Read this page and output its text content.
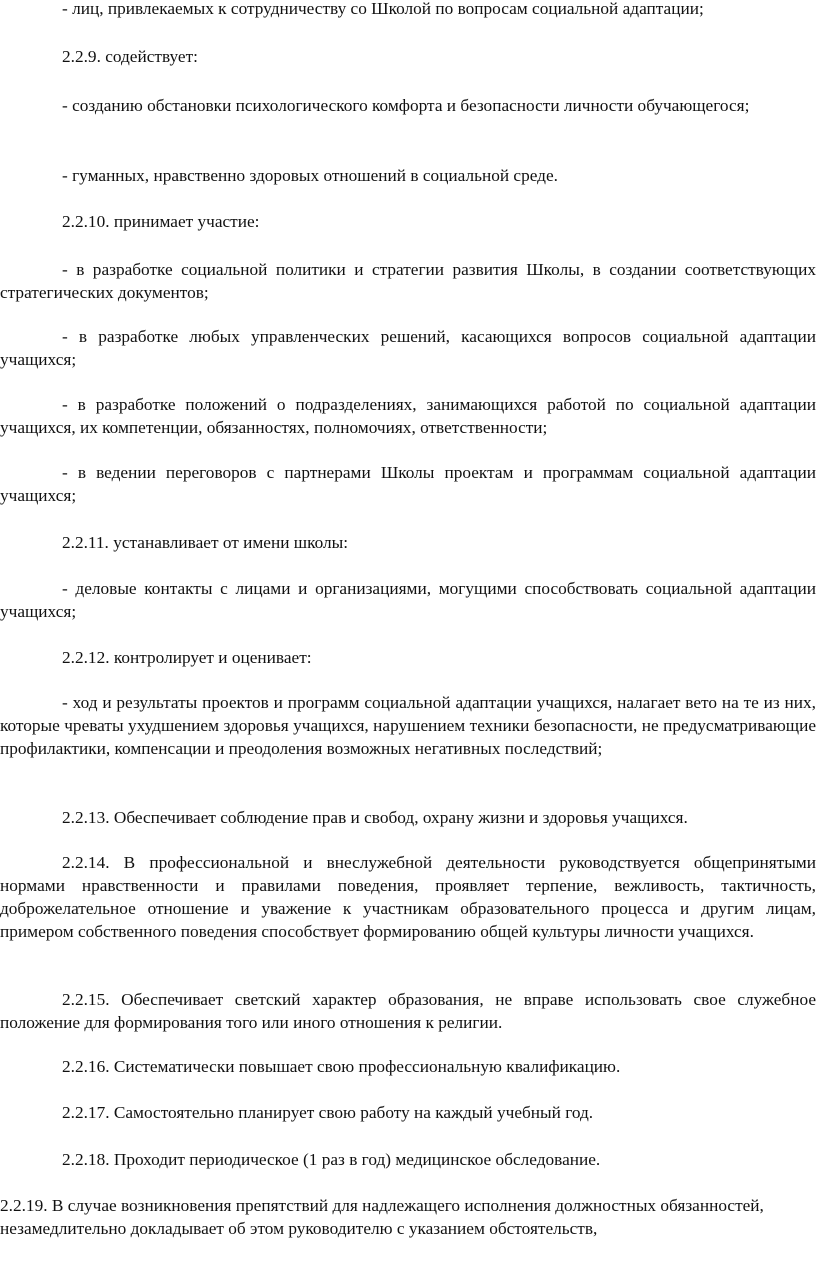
- лиц, привлекаемых к сотрудничеству со Школой по вопросам социальной адаптации;

2.2.9. содействует:

- созданию обстановки психологического комфорта и безопасности личности обучающегося;

- гуманных, нравственно здоровых отношений в социальной среде.

2.2.10. принимает участие:

- в разработке социальной политики и стратегии развития Школы, в создании соответствующих стратегических документов;

- в разработке любых управленческих решений, касающихся вопросов социальной адаптации учащихся;

- в разработке положений о подразделениях, занимающихся работой по социальной адаптации учащихся, их компетенции, обязанностях, полномочиях, ответственности;

- в ведении переговоров с партнерами Школы проектам и программам социальной адаптации учащихся;

2.2.11. устанавливает от имени школы:

- деловые контакты с лицами и организациями, могущими способствовать социальной адаптации учащихся;

2.2.12. контролирует и оценивает:

- ход и результаты проектов и программ социальной адаптации учащихся, налагает вето на те из них, которые чреваты ухудшением здоровья учащихся, нарушением техники безопасности, не предусматривающие профилактики, компенсации и преодоления возможных негативных последствий;

2.2.13. Обеспечивает соблюдение прав и свобод, охрану жизни и здоровья учащихся.

2.2.14. В профессиональной и внеслужебной деятельности руководствуется общепринятыми нормами нравственности и правилами поведения, проявляет терпение, вежливость, тактичность, доброжелательное отношение и уважение к участникам образовательного процесса и другим лицам, примером собственного поведения способствует формированию общей культуры личности учащихся.

2.2.15. Обеспечивает светский характер образования, не вправе использовать свое служебное положение для формирования того или иного отношения к религии.

2.2.16. Систематически повышает свою профессиональную квалификацию.

2.2.17. Самостоятельно планирует свою работу на каждый учебный год.

2.2.18. Проходит периодическое (1 раз в год) медицинское обследование.

2.2.19. В случае возникновения препятствий для надлежащего исполнения должностных обязанностей, незамедлительно докладывает об этом руководителю с указанием обстоятельств,
